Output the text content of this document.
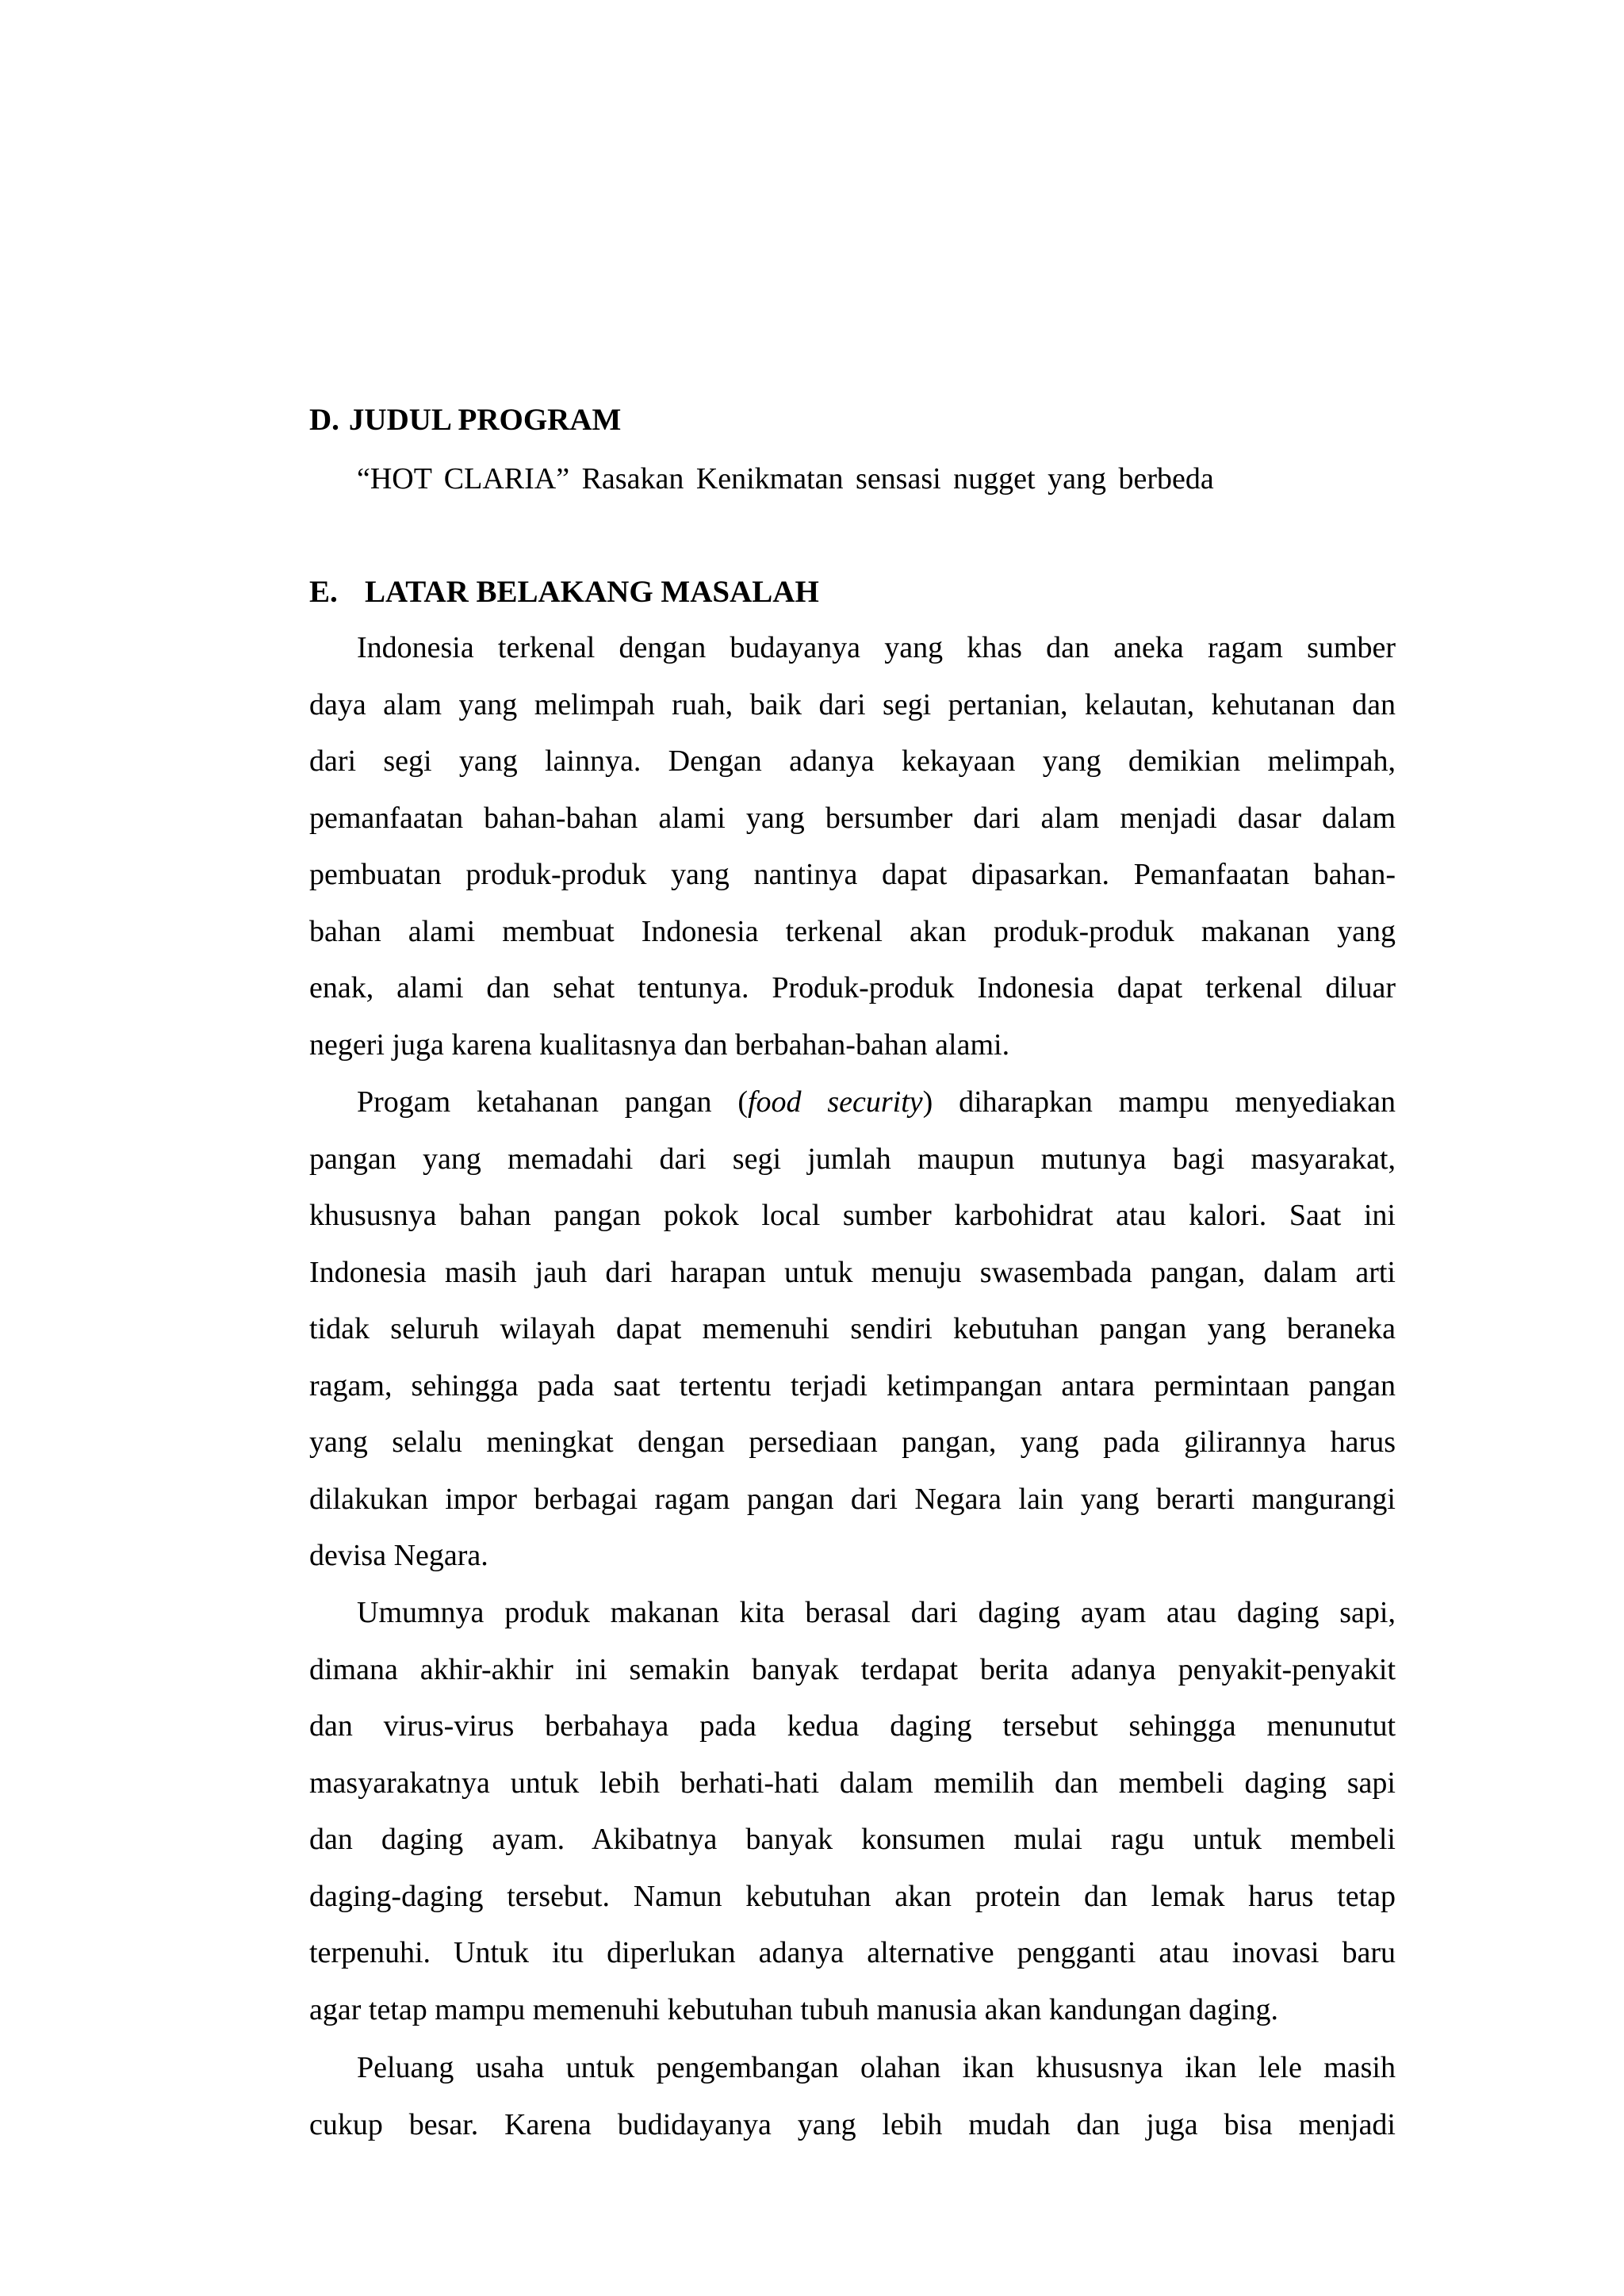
D. JUDUL PROGRAM

“HOT CLARIA” Rasakan Kenikmatan sensasi nugget yang berbeda

E. LATAR BELAKANG MASALAH
Indonesia terkenal dengan budayanya yang khas dan aneka ragam sumber
daya alam yang melimpah ruah, baik dari segi pertanian, kelautan, kehutanan dan
dari segi yang lainnya. Dengan adanya kekayaan yang demikian melimpah,
pemanfaatan bahan-bahan alami yang bersumber dari alam menjadi dasar dalam
pembuatan produk-produk yang nantinya dapat dipasarkan. Pemanfaatan bahan-
bahan alami membuat Indonesia terkenal akan produk-produk makanan yang
enak, alami dan sehat tentunya. Produk-produk Indonesia dapat terkenal diluar
negeri juga karena kualitasnya dan berbahan-bahan alami.
Progam ketahanan pangan (food security) diharapkan mampu menyediakan
pangan yang memadahi dari segi jumlah maupun mutunya bagi masyarakat,
khususnya bahan pangan pokok local sumber karbohidrat atau kalori. Saat ini
Indonesia masih jauh dari harapan untuk menuju swasembada pangan, dalam arti
tidak seluruh wilayah dapat memenuhi sendiri kebutuhan pangan yang beraneka
ragam, sehingga pada saat tertentu terjadi ketimpangan antara permintaan pangan
yang selalu meningkat dengan persediaan pangan, yang pada gilirannya harus
dilakukan impor berbagai ragam pangan dari Negara lain yang berarti mangurangi
devisa Negara.
Umumnya produk makanan kita berasal dari daging ayam atau daging sapi,
dimana akhir-akhir ini semakin banyak terdapat berita adanya penyakit-penyakit
dan virus-virus berbahaya pada kedua daging tersebut sehingga menunutut
masyarakatnya untuk lebih berhati-hati dalam memilih dan membeli daging sapi
dan daging ayam. Akibatnya banyak konsumen mulai ragu untuk membeli
daging-daging tersebut. Namun kebutuhan akan protein dan lemak harus tetap
terpenuhi. Untuk itu diperlukan adanya alternative pengganti atau inovasi baru
agar tetap mampu memenuhi kebutuhan tubuh manusia akan kandungan daging.
Peluang usaha untuk pengembangan olahan ikan khususnya ikan lele masih
cukup besar. Karena budidayanya yang lebih mudah dan juga bisa menjadi
